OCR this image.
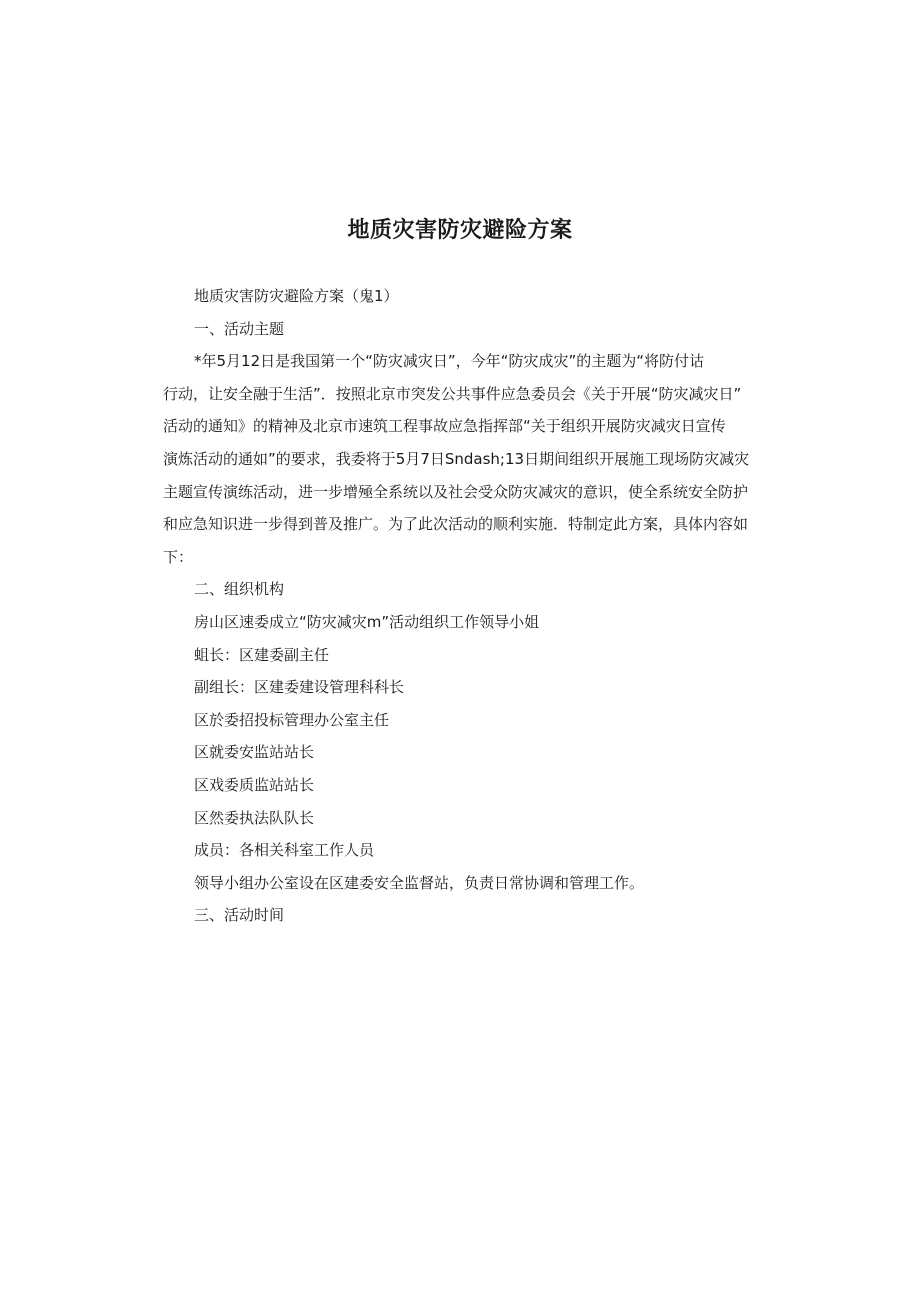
地质灾害防灾避险方案
地质灾害防灾避险方案（鬼1）
一、活动主题
*年5月12日是我国第一个“防灾减灾日”，今年“防灾成灾”的主题为“将防付诂
行动，让安全融于生活”．按照北京市突发公共事件应急委员会《关于开展“防灾减灾日”
活动的通知》的精神及北京市速筑工程事故应急指挥部“关于组织开展防灾减灾日宣传
演炼活动的通如”的要求，我委将于5月7日Sndash;13日期间组织开展施工现场防灾减灾
主题宣传演练活动，进一步增殛全系统以及社会受众防灾减灾的意识，使全系统安全防护
和应急知识进一步得到普及推广。为了此次活动的顺利实施．特制定此方案，具体内容如
下：
二、组织机构
房山区速委成立“防灾减灾m”活动组织工作领导小姐
蛆长：区建委副主任
副组长：区建委建设管理科科长
区於委招投标管理办公室主任
区就委安监站站长
区戏委质监站站长
区然委执法队队长
成员：各相关科室工作人员
领导小组办公室设在区建委安全监督站，负责日常协调和管理工作。
三、活动时间
